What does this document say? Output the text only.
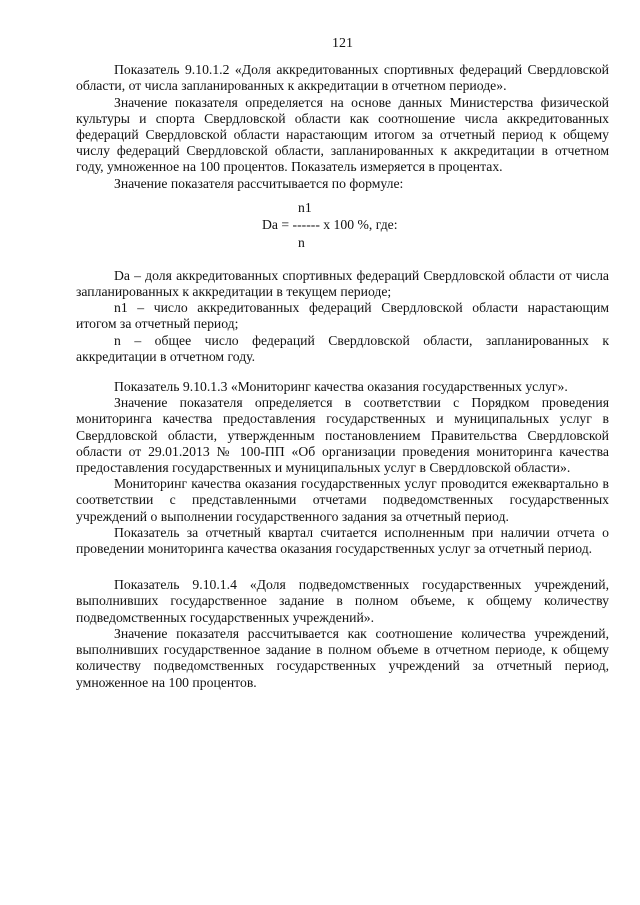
121

Показатель 9.10.1.2 «Доля аккредитованных спортивных федераций Свердловской области, от числа запланированных к аккредитации в отчетном периоде».

Значение показателя определяется на основе данных Министерства физической культуры и спорта Свердловской области как соотношение числа аккредитованных федераций Свердловской области нарастающим итогом за отчетный период к общему числу федераций Свердловской области, запланированных к аккредитации в отчетном году, умноженное на 100 процентов. Показатель измеряется в процентах.

Значение показателя рассчитывается по формуле:

n1
Da = ------ x 100 %, где:
n

Da – доля аккредитованных спортивных федераций Свердловской области от числа запланированных к аккредитации в текущем периоде;

n1 – число аккредитованных федераций Свердловской области нарастающим итогом за отчетный период;

n – общее число федераций Свердловской области, запланированных к аккредитации в отчетном году.

Показатель 9.10.1.3 «Мониторинг качества оказания государственных услуг».

Значение показателя определяется в соответствии с Порядком проведения мониторинга качества предоставления государственных и муниципальных услуг в Свердловской области, утвержденным постановлением Правительства Свердловской области от 29.01.2013 № 100-ПП «Об организации проведения мониторинга качества предоставления государственных и муниципальных услуг в Свердловской области».

Мониторинг качества оказания государственных услуг проводится ежеквартально в соответствии с представленными отчетами подведомственных государственных учреждений о выполнении государственного задания за отчетный период.

Показатель за отчетный квартал считается исполненным при наличии отчета о проведении мониторинга качества оказания государственных услуг за отчетный период.

Показатель 9.10.1.4 «Доля подведомственных государственных учреждений, выполнивших государственное задание в полном объеме, к общему количеству подведомственных государственных учреждений».

Значение показателя рассчитывается как соотношение количества учреждений, выполнивших государственное задание в полном объеме в отчетном периоде, к общему количеству подведомственных государственных учреждений за отчетный период, умноженное на 100 процентов.
